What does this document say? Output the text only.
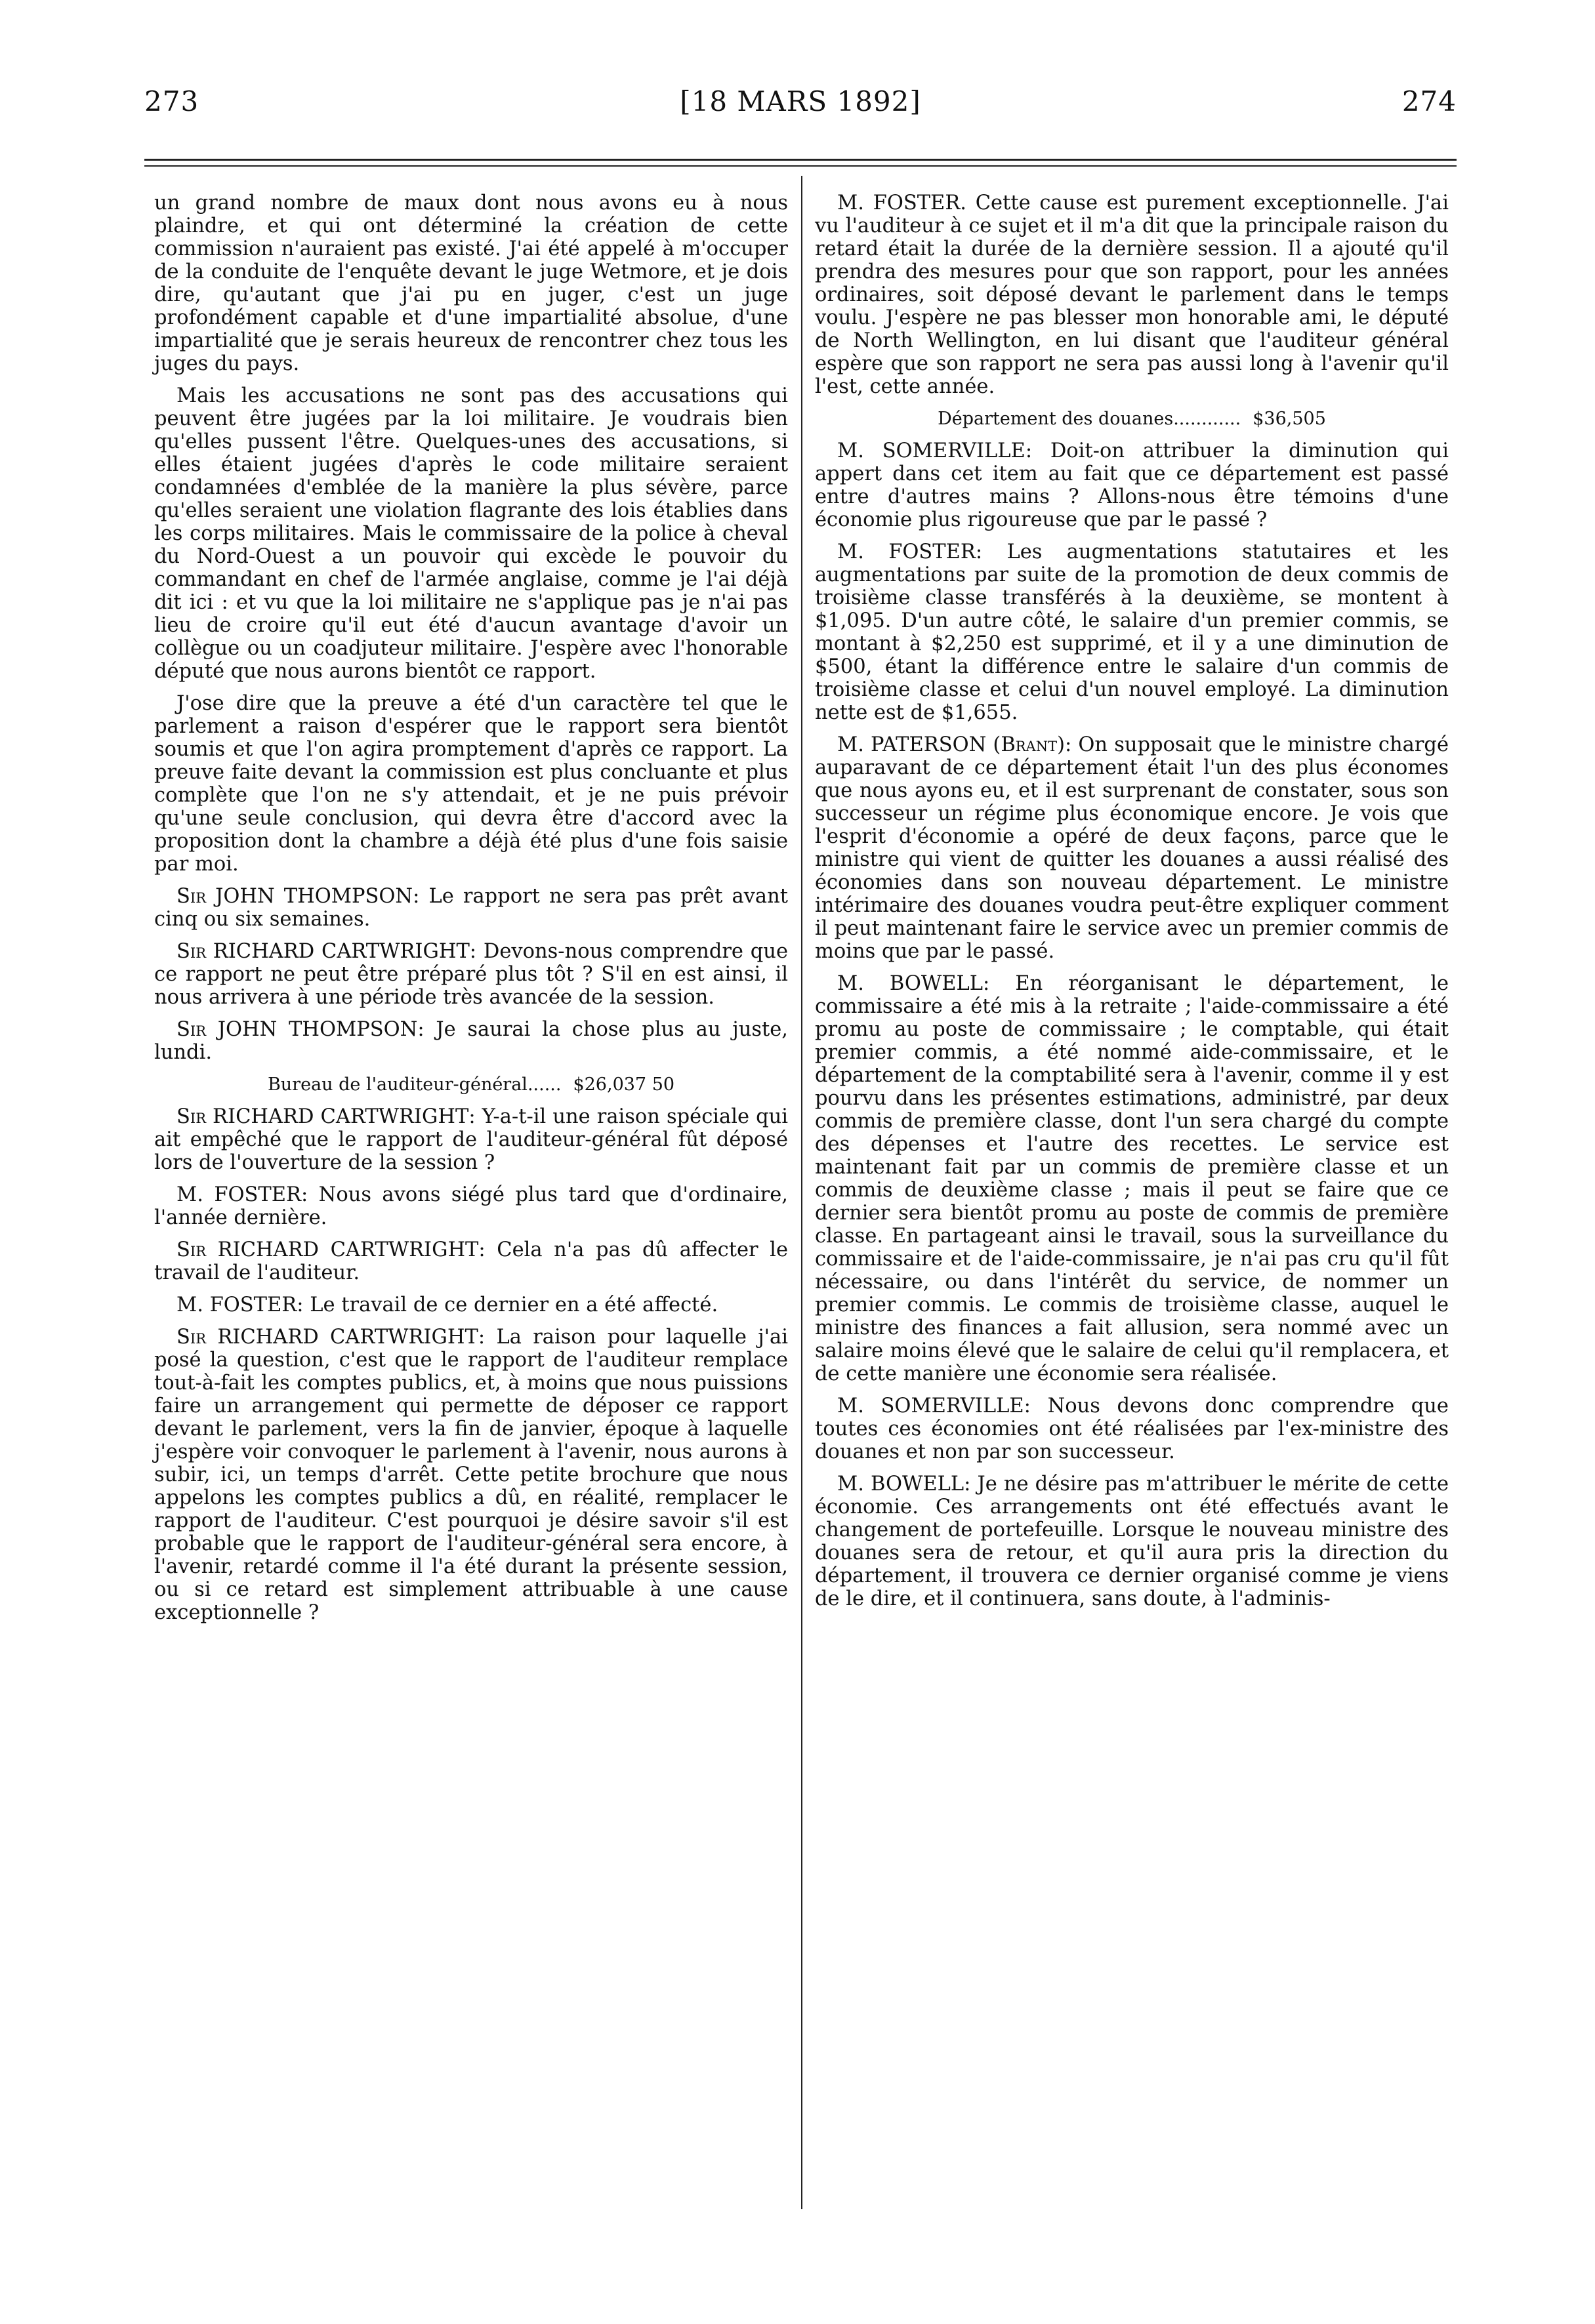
273	[18 MARS 1892]	274

un grand nombre de maux dont nous avons eu à nous plaindre, et qui ont déterminé la création de cette commission n'auraient pas existé. J'ai été appelé à m'occuper de la conduite de l'enquête devant le juge Wetmore, et je dois dire, qu'autant que j'ai pu en juger, c'est un juge profondément capable et d'une impartialité absolue, d'une impartialité que je serais heureux de rencontrer chez tous les juges du pays.

Mais les accusations ne sont pas des accusations qui peuvent être jugées par la loi militaire. Je voudrais bien qu'elles pussent l'être. Quelques-unes des accusations, si elles étaient jugées d'après le code militaire seraient condamnées d'emblée de la manière la plus sévère, parce qu'elles seraient une violation flagrante des lois établies dans les corps militaires. Mais le commissaire de la police à cheval du Nord-Ouest a un pouvoir qui excède le pouvoir du commandant en chef de l'armée anglaise, comme je l'ai déjà dit ici : et vu que la loi militaire ne s'applique pas je n'ai pas lieu de croire qu'il eut été d'aucun avantage d'avoir un collègue ou un coadjuteur militaire. J'espère avec l'honorable député que nous aurons bientôt ce rapport.

J'ose dire que la preuve a été d'un caractère tel que le parlement a raison d'espérer que le rapport sera bientôt soumis et que l'on agira promptement d'après ce rapport. La preuve faite devant la commission est plus concluante et plus complète que l'on ne s'y attendait, et je ne puis prévoir qu'une seule conclusion, qui devra être d'accord avec la proposition dont la chambre a déjà été plus d'une fois saisie par moi.

Sir JOHN THOMPSON: Le rapport ne sera pas prêt avant cinq ou six semaines.

Sir RICHARD CARTWRIGHT: Devons-nous comprendre que ce rapport ne peut être préparé plus tôt ? S'il en est ainsi, il nous arrivera à une période très avancée de la session.

Sir JOHN THOMPSON: Je saurai la chose plus au juste, lundi.

Bureau de l'auditeur-général...... $26,037 50

Sir RICHARD CARTWRIGHT: Y-a-t-il une raison spéciale qui ait empêché que le rapport de l'auditeur-général fût déposé lors de l'ouverture de la session ?

M. FOSTER: Nous avons siégé plus tard que d'ordinaire, l'année dernière.

Sir RICHARD CARTWRIGHT: Cela n'a pas dû affecter le travail de l'auditeur.

M. FOSTER: Le travail de ce dernier en a été affecté.

Sir RICHARD CARTWRIGHT: La raison pour laquelle j'ai posé la question, c'est que le rapport de l'auditeur remplace tout-à-fait les comptes publics, et, à moins que nous puissions faire un arrangement qui permette de déposer ce rapport devant le parlement, vers la fin de janvier, époque à laquelle j'espère voir convoquer le parlement à l'avenir, nous aurons à subir, ici, un temps d'arrêt. Cette petite brochure que nous appelons les comptes publics a dû, en réalité, remplacer le rapport de l'auditeur. C'est pourquoi je désire savoir s'il est probable que le rapport de l'auditeur-général sera encore, à l'avenir, retardé comme il l'a été durant la présente session, ou si ce retard est simplement attribuable à une cause exceptionnelle ?

M. FOSTER. Cette cause est purement exceptionnelle. J'ai vu l'auditeur à ce sujet et il m'a dit que la principale raison du retard était la durée de la dernière session. Il a ajouté qu'il prendra des mesures pour que son rapport, pour les années ordinaires, soit déposé devant le parlement dans le temps voulu. J'espère ne pas blesser mon honorable ami, le député de North Wellington, en lui disant que l'auditeur général espère que son rapport ne sera pas aussi long à l'avenir qu'il l'est, cette année.

Département des douanes............ $36,505

M. SOMERVILLE: Doit-on attribuer la diminution qui appert dans cet item au fait que ce département est passé entre d'autres mains ? Allons-nous être témoins d'une économie plus rigoureuse que par le passé ?

M. FOSTER: Les augmentations statutaires et les augmentations par suite de la promotion de deux commis de troisième classe transférés à la deuxième, se montent à $1,095. D'un autre côté, le salaire d'un premier commis, se montant à $2,250 est supprimé, et il y a une diminution de $500, étant la différence entre le salaire d'un commis de troisième classe et celui d'un nouvel employé. La diminution nette est de $1,655.

M. PATERSON (Brant): On supposait que le ministre chargé auparavant de ce département était l'un des plus économes que nous ayons eu, et il est surprenant de constater, sous son successeur un régime plus économique encore. Je vois que l'esprit d'économie a opéré de deux façons, parce que le ministre qui vient de quitter les douanes a aussi réalisé des économies dans son nouveau département. Le ministre intérimaire des douanes voudra peut-être expliquer comment il peut maintenant faire le service avec un premier commis de moins que par le passé.

M. BOWELL: En réorganisant le département, le commissaire a été mis à la retraite ; l'aide-commissaire a été promu au poste de commissaire ; le comptable, qui était premier commis, a été nommé aide-commissaire, et le département de la comptabilité sera à l'avenir, comme il y est pourvu dans les présentes estimations, administré, par deux commis de première classe, dont l'un sera chargé du compte des dépenses et l'autre des recettes. Le service est maintenant fait par un commis de première classe et un commis de deuxième classe ; mais il peut se faire que ce dernier sera bientôt promu au poste de commis de première classe. En partageant ainsi le travail, sous la surveillance du commissaire et de l'aide-commissaire, je n'ai pas cru qu'il fût nécessaire, ou dans l'intérêt du service, de nommer un premier commis. Le commis de troisième classe, auquel le ministre des finances a fait allusion, sera nommé avec un salaire moins élevé que le salaire de celui qu'il remplacera, et de cette manière une économie sera réalisée.

M. SOMERVILLE: Nous devons donc comprendre que toutes ces économies ont été réalisées par l'ex-ministre des douanes et non par son successeur.

M. BOWELL: Je ne désire pas m'attribuer le mérite de cette économie. Ces arrangements ont été effectués avant le changement de portefeuille. Lorsque le nouveau ministre des douanes sera de retour, et qu'il aura pris la direction du département, il trouvera ce dernier organisé comme je viens de le dire, et il continuera, sans doute, à l'adminis-
